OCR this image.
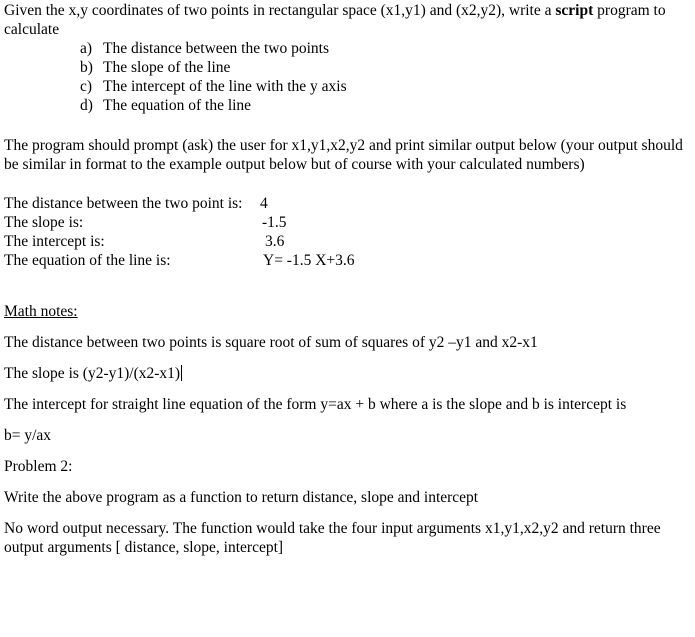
Given the x,y coordinates of two points in rectangular space (x1,y1) and (x2,y2), write a script program to calculate

a) The distance between the two points
b) The slope of the line
c) The intercept of the line with the y axis
d) The equation of the line

The program should prompt (ask) the user for x1,y1,x2,y2 and print similar output below (your output should be similar in format to the example output below but of course with your calculated numbers)

The distance between the two point is:	4
The slope is:	-1.5
The intercept is:	3.6
The equation of the line is:	Y= -1.5 X+3.6

Math notes:

The distance between two points is square root of sum of squares of y2 –y1 and x2-x1

The slope is (y2-y1)/(x2-x1)

The intercept for straight line equation of the form y=ax + b where a is the slope and b is intercept is

b= y/ax

Problem 2:

Write the above program as a function to return distance, slope and intercept

No word output necessary. The function would take the four input arguments x1,y1,x2,y2 and return three output arguments [ distance, slope, intercept]
